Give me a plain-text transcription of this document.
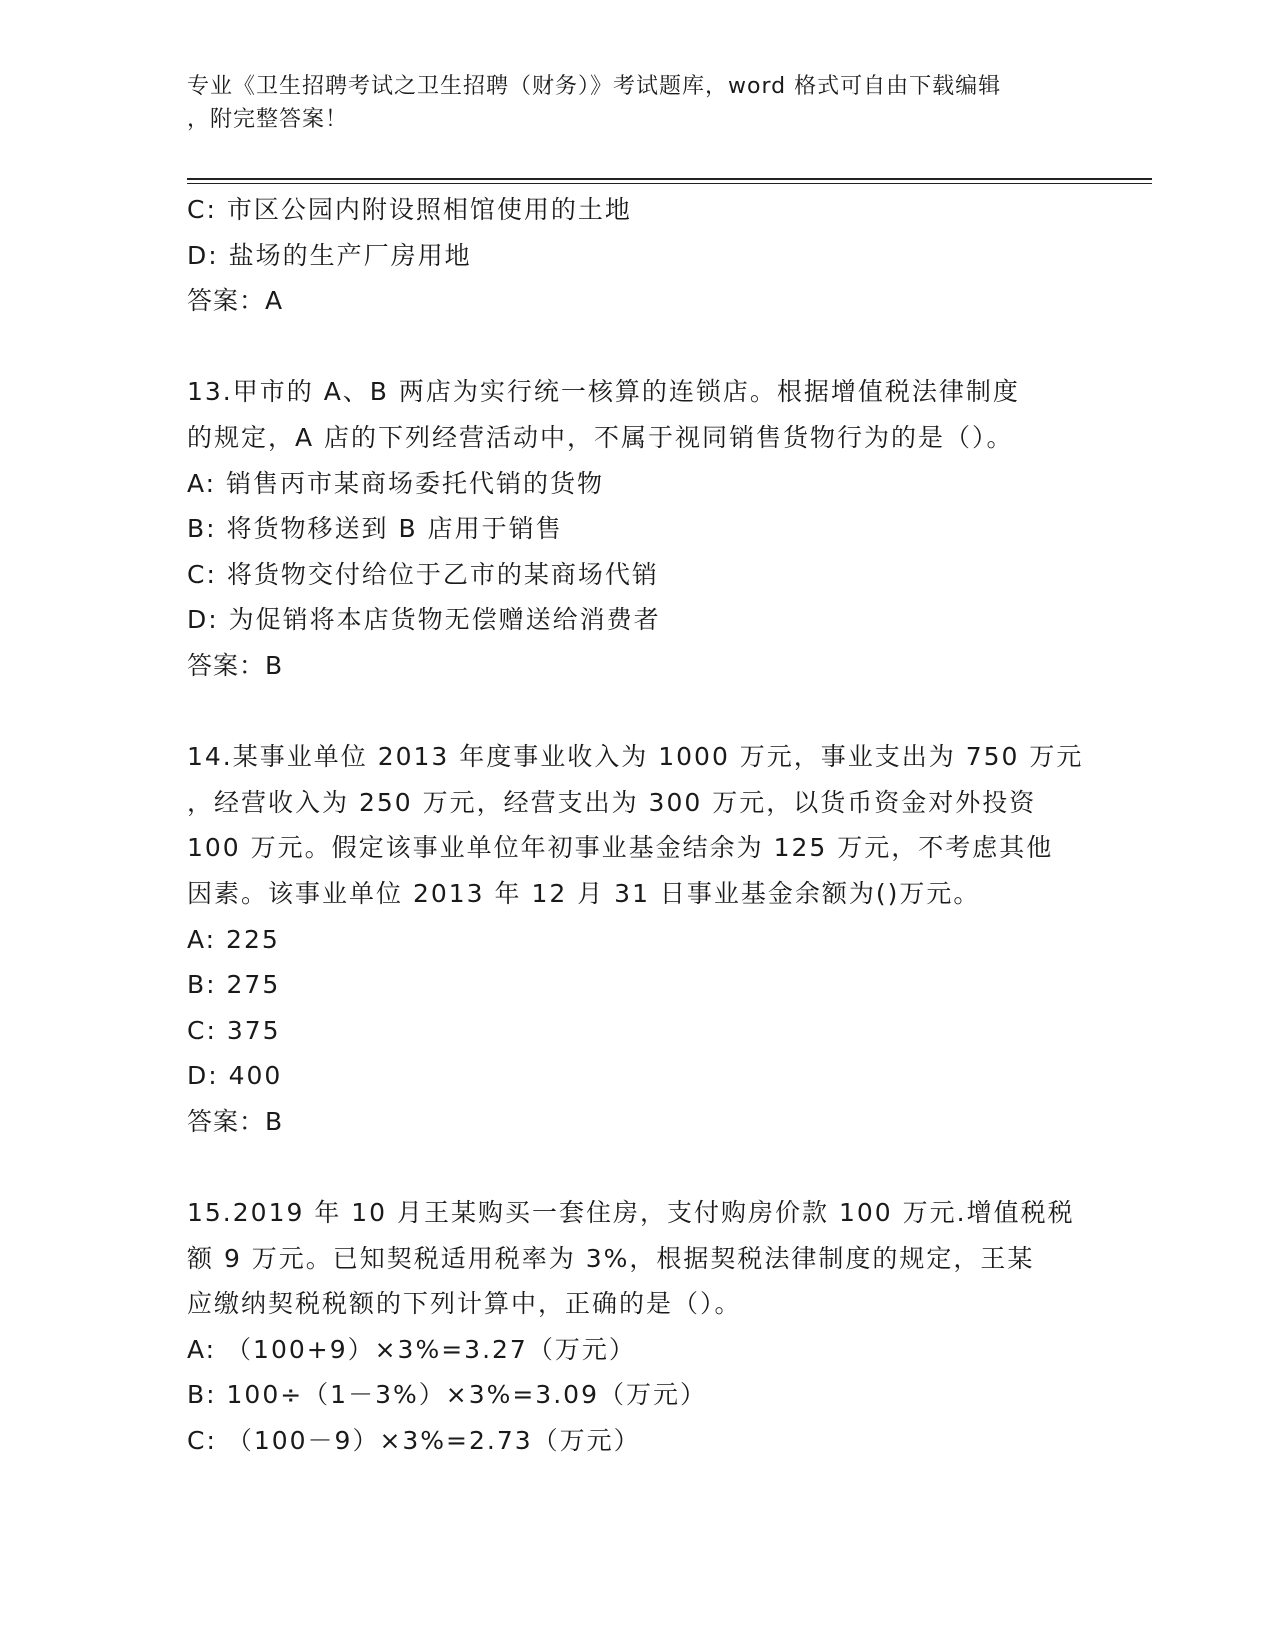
专业《卫生招聘考试之卫生招聘（财务）》考试题库，word 格式可自由下载编辑
，附完整答案！
C: 市区公园内附设照相馆使用的土地
D: 盐场的生产厂房用地
答案：A
13.甲市的 A、B 两店为实行统一核算的连锁店。根据增值税法律制度
的规定，A 店的下列经营活动中，不属于视同销售货物行为的是（）。
A: 销售丙市某商场委托代销的货物
B: 将货物移送到 B 店用于销售
C: 将货物交付给位于乙市的某商场代销
D: 为促销将本店货物无偿赠送给消费者
答案：B
14.某事业单位 2013 年度事业收入为 1000 万元，事业支出为 750 万元
，经营收入为 250 万元，经营支出为 300 万元，以货币资金对外投资
100 万元。假定该事业单位年初事业基金结余为 125 万元，不考虑其他
因素。该事业单位 2013 年 12 月 31 日事业基金余额为()万元。
A: 225
B: 275
C: 375
D: 400
答案：B
15.2019 年 10 月王某购买一套住房，支付购房价款 100 万元.增值税税
额 9 万元。已知契税适用税率为 3%，根据契税法律制度的规定，王某
应缴纳契税税额的下列计算中，正确的是（）。
A: （100+9）×3%=3.27（万元）
B: 100÷（1－3%）×3%=3.09（万元）
C: （100－9）×3%=2.73（万元）
